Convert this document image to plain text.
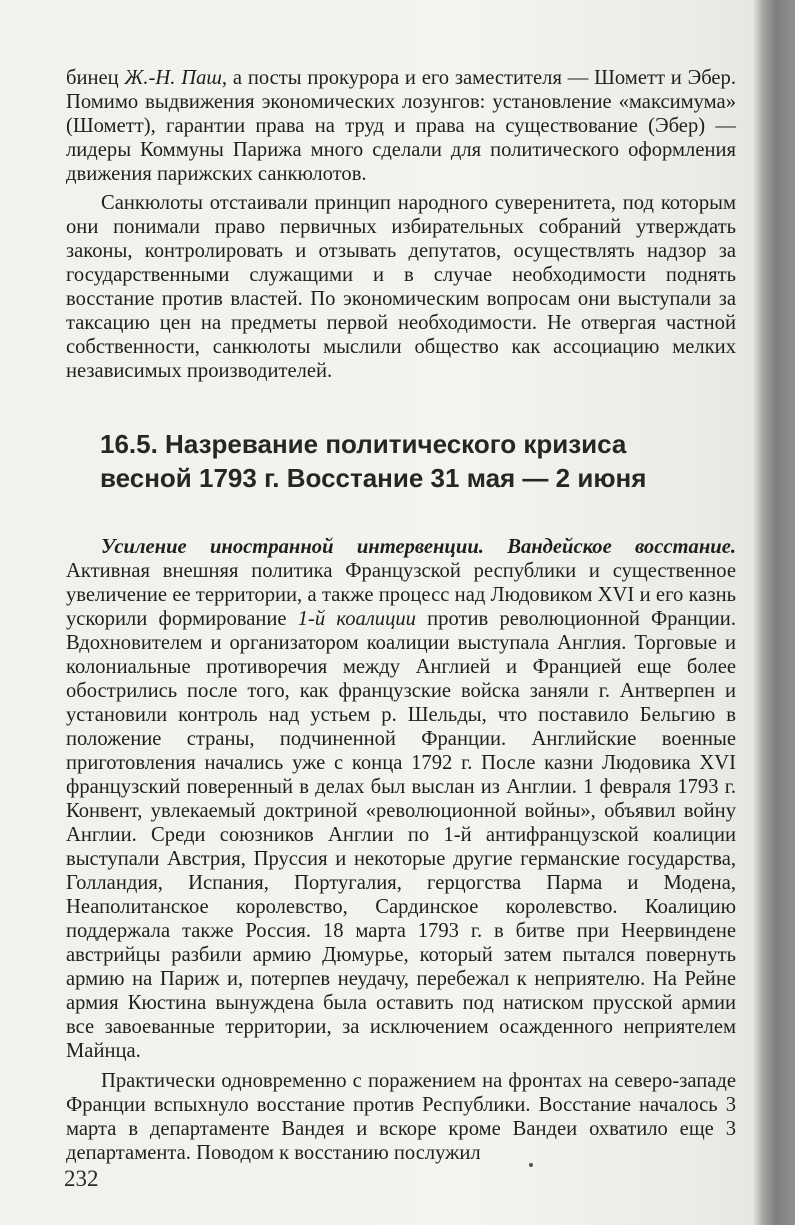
бинец Ж.-Н. Паш, а посты прокурора и его заместителя — Шометт и Эбер. Помимо выдвижения экономических лозунгов: установление «максимума» (Шометт), гарантии права на труд и права на существование (Эбер) — лидеры Коммуны Парижа много сделали для политического оформления движения парижских санкюлотов.

Санкюлоты отстаивали принцип народного суверенитета, под которым они понимали право первичных избирательных собраний утверждать законы, контролировать и отзывать депутатов, осуществлять надзор за государственными служащими и в случае необходимости поднять восстание против властей. По экономическим вопросам они выступали за таксацию цен на предметы первой необходимости. Не отвергая частной собственности, санкюлоты мыслили общество как ассоциацию мелких независимых производителей.

16.5. Назревание политического кризиса
весной 1793 г. Восстание 31 мая — 2 июня

Усиление иностранной интервенции. Вандейское восстание. Активная внешняя политика Французской республики и существенное увеличение ее территории, а также процесс над Людовиком XVI и его казнь ускорили формирование 1-й коалиции против революционной Франции. Вдохновителем и организатором коалиции выступала Англия. Торговые и колониальные противоречия между Англией и Францией еще более обострились после того, как французские войска заняли г. Антверпен и установили контроль над устьем р. Шельды, что поставило Бельгию в положение страны, подчиненной Франции. Английские военные приготовления начались уже с конца 1792 г. После казни Людовика XVI французский поверенный в делах был выслан из Англии. 1 февраля 1793 г. Конвент, увлекаемый доктриной «революционной войны», объявил войну Англии. Среди союзников Англии по 1-й антифранцузской коалиции выступали Австрия, Пруссия и некоторые другие германские государства, Голландия, Испания, Португалия, герцогства Парма и Модена, Неаполитанское королевство, Сардинское королевство. Коалицию поддержала также Россия. 18 марта 1793 г. в битве при Неервиндене австрийцы разбили армию Дюмурье, который затем пытался повернуть армию на Париж и, потерпев неудачу, перебежал к неприятелю. На Рейне армия Кюстина вынуждена была оставить под натиском прусской армии все завоеванные территории, за исключением осажденного неприятелем Майнца.

Практически одновременно с поражением на фронтах на северо-западе Франции вспыхнуло восстание против Республики. Восстание началось 3 марта в департаменте Вандея и вскоре кроме Вандеи охватило еще 3 департамента. Поводом к восстанию послужил

232
